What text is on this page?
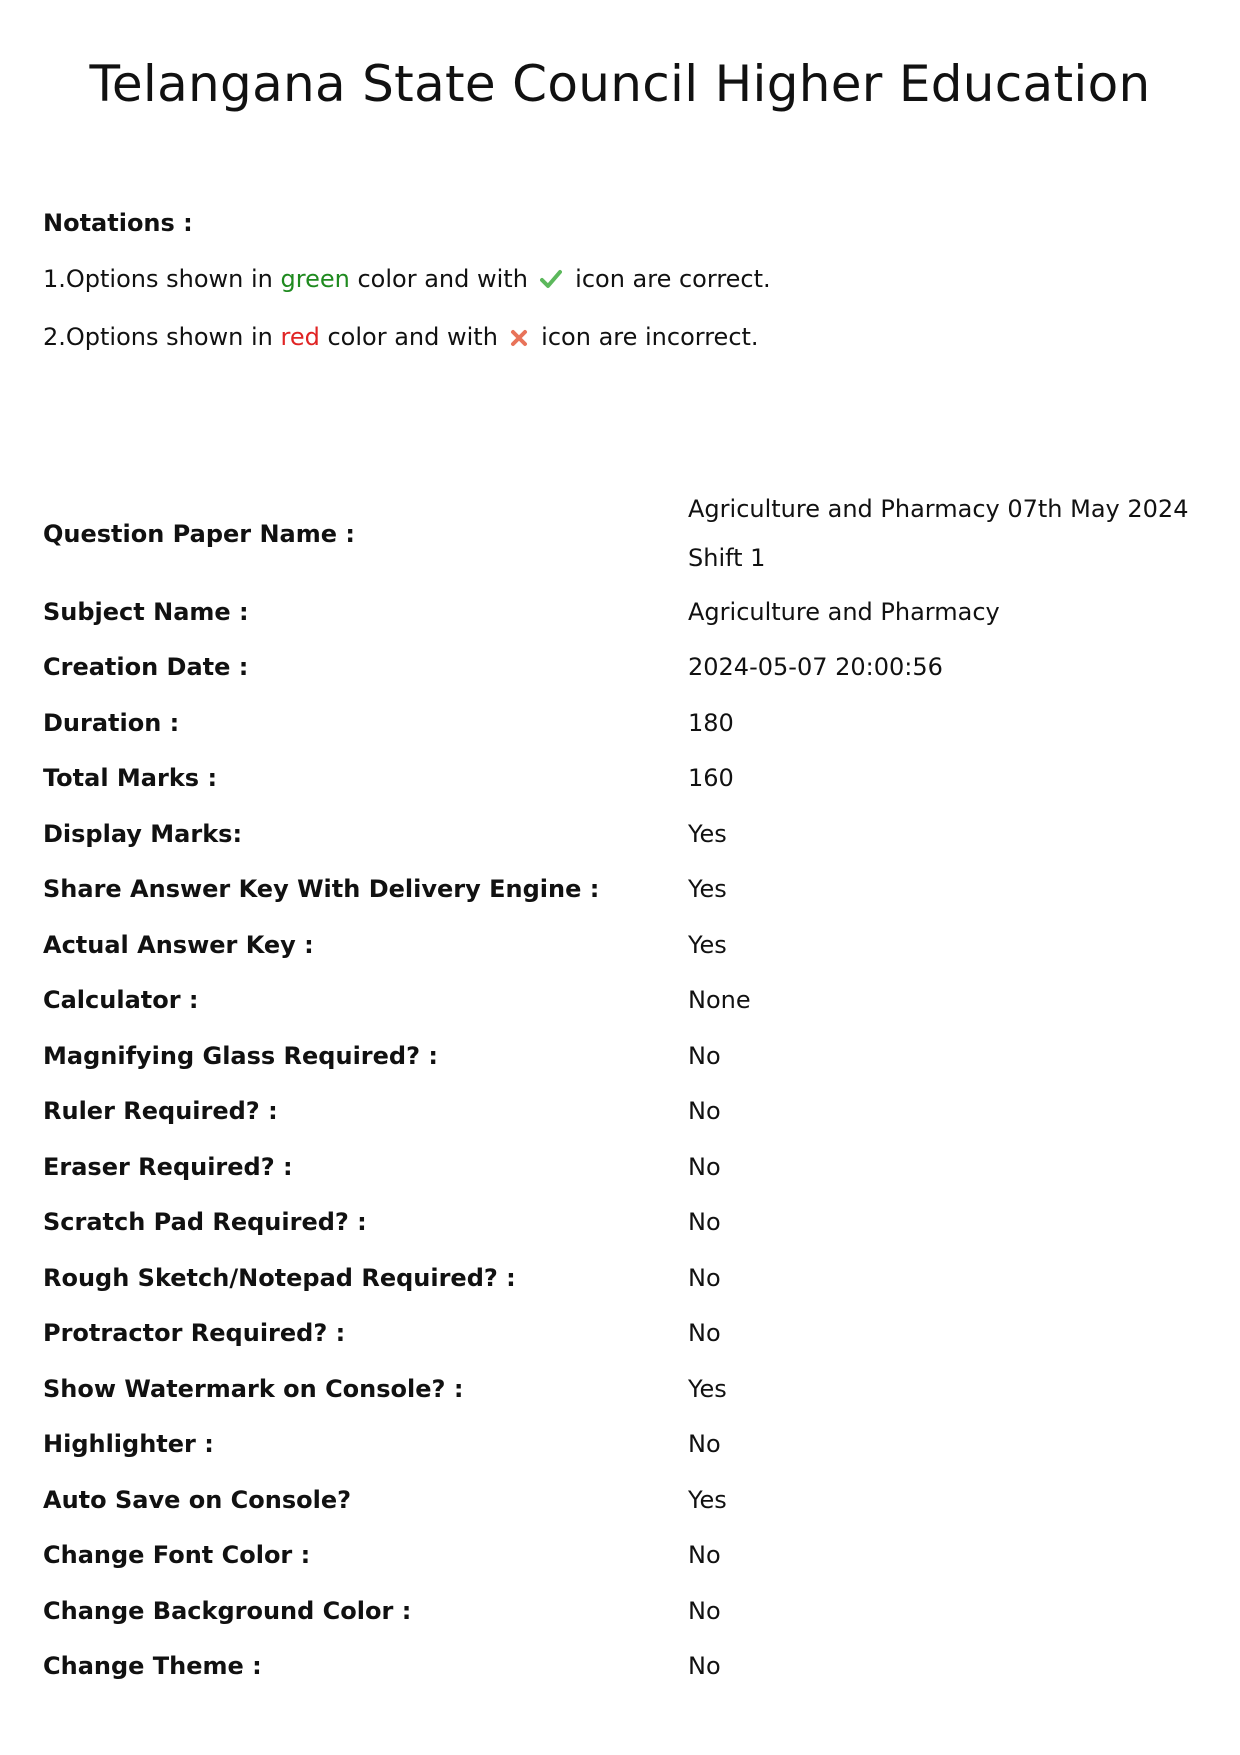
Telangana State Council Higher Education
Notations :
1.Options shown in green color and with  icon are correct.
2.Options shown in red color and with  icon are incorrect.
Question Paper Name :	Agriculture and Pharmacy 07th May 2024 Shift 1
Subject Name :	Agriculture and Pharmacy
Creation Date :	2024-05-07 20:00:56
Duration :	180
Total Marks :	160
Display Marks:	Yes
Share Answer Key With Delivery Engine :	Yes
Actual Answer Key :	Yes
Calculator :	None
Magnifying Glass Required? :	No
Ruler Required? :	No
Eraser Required? :	No
Scratch Pad Required? :	No
Rough Sketch/Notepad Required? :	No
Protractor Required? :	No
Show Watermark on Console? :	Yes
Highlighter :	No
Auto Save on Console?	Yes
Change Font Color :	No
Change Background Color :	No
Change Theme :	No
